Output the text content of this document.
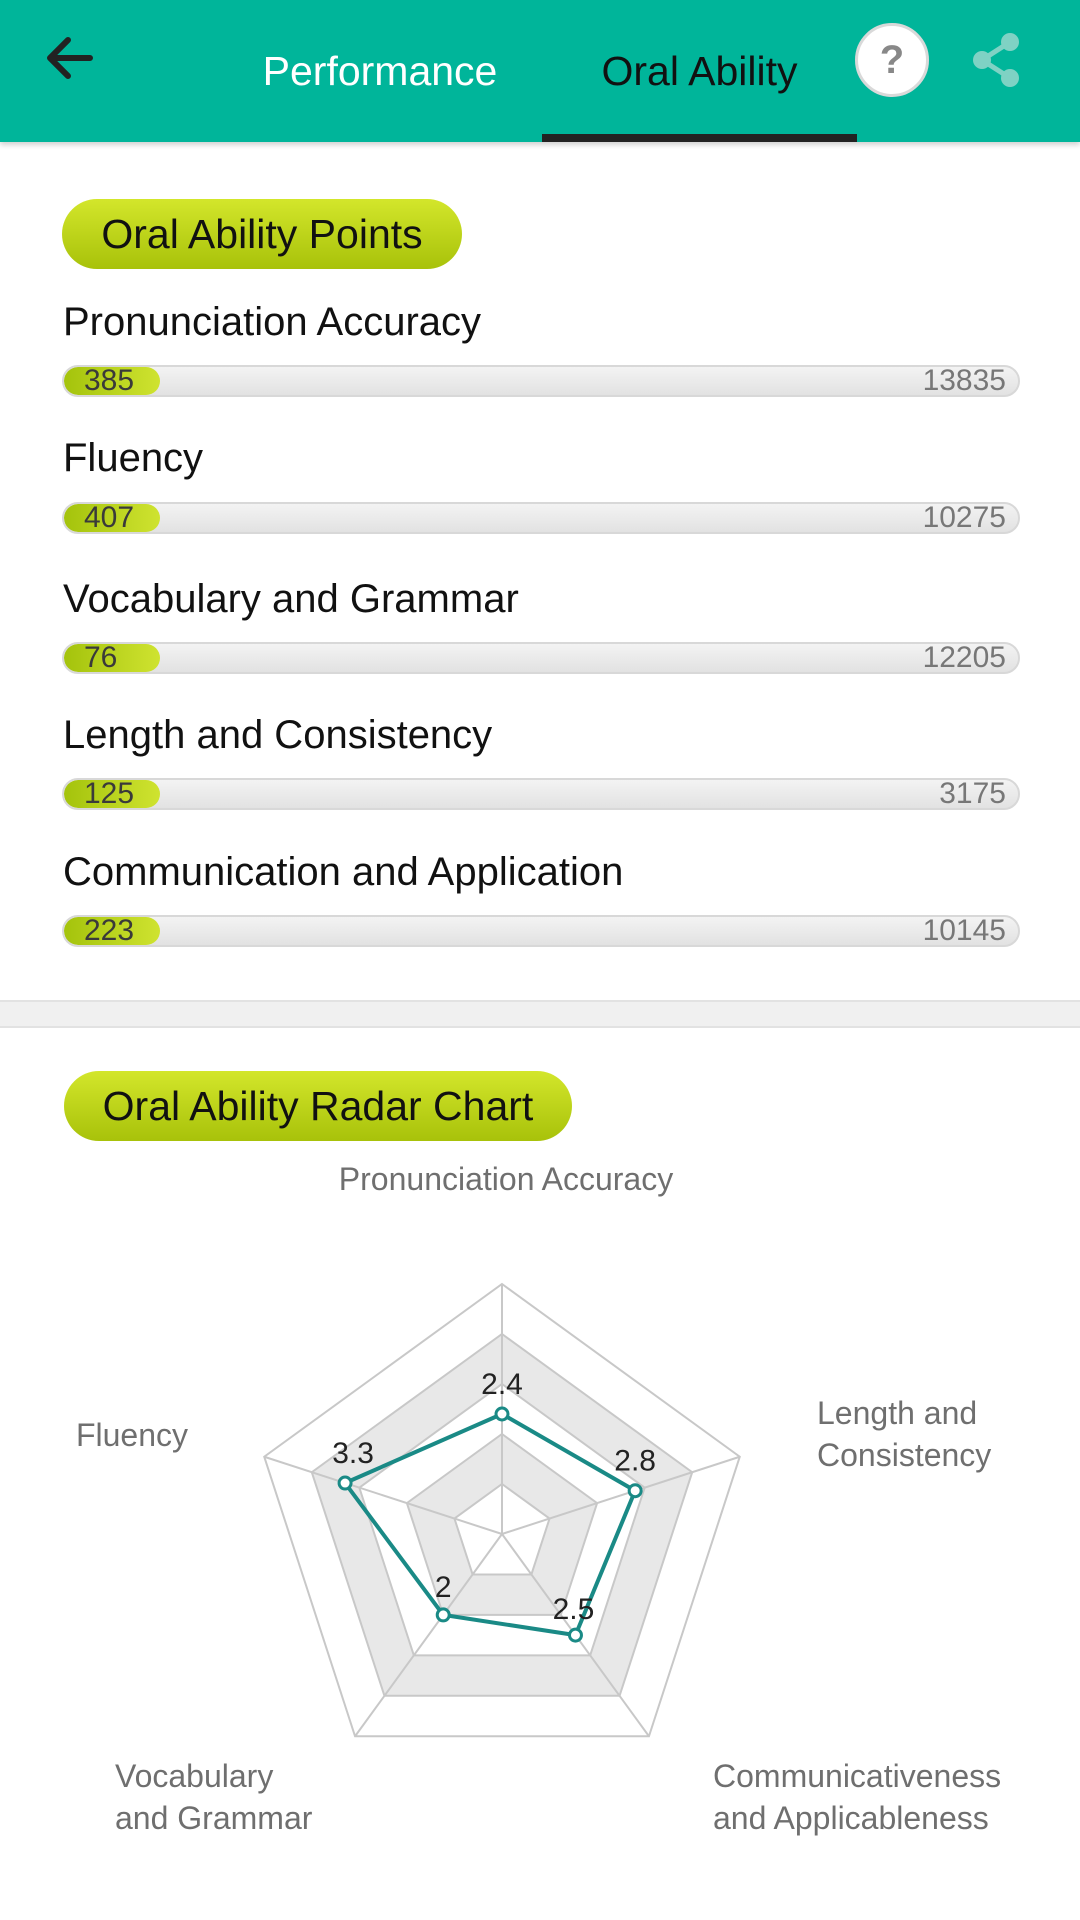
Performance	Oral Ability	?
Oral Ability Points
Pronunciation Accuracy
385	13835
Fluency
407	10275
Vocabulary and Grammar
76	12205
Length and Consistency
125	3175
Communication and Application
223	10145
Oral Ability Radar Chart
2.4
2.8
2.5
2
3.3
Pronunciation Accuracy
Length and Consistency
Communicativeness and Applicableness
Vocabulary and Grammar
Fluency
